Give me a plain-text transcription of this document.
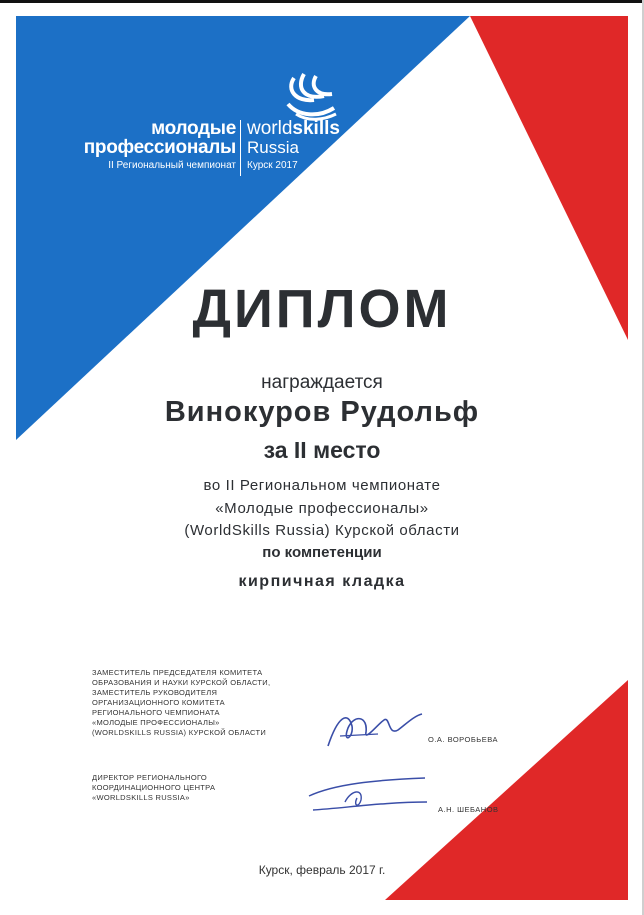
молодые
профессионалы
II Региональный чемпионат
worldskills
Russia
Курск 2017
ДИПЛОМ
награждается
Винокуров Рудольф
за II место
во II Региональном чемпионате
«Молодые профессионалы»
(WorldSkills Russia) Курской области
по компетенции
кирпичная кладка
ЗАМЕСТИТЕЛЬ ПРЕДСЕДАТЕЛЯ КОМИТЕТА
ОБРАЗОВАНИЯ И НАУКИ КУРСКОЙ ОБЛАСТИ,
ЗАМЕСТИТЕЛЬ РУКОВОДИТЕЛЯ
ОРГАНИЗАЦИОННОГО КОМИТЕТА
РЕГИОНАЛЬНОГО ЧЕМПИОНАТА
«МОЛОДЫЕ ПРОФЕССИОНАЛЫ»
(WORLDSKILLS RUSSIA) КУРСКОЙ ОБЛАСТИ
О.А. ВОРОБЬЕВА
ДИРЕКТОР РЕГИОНАЛЬНОГО
КООРДИНАЦИОННОГО ЦЕНТРА
«WORLDSKILLS RUSSIA»
А.Н. ШЕБАНОВ
Курск, февраль 2017 г.
